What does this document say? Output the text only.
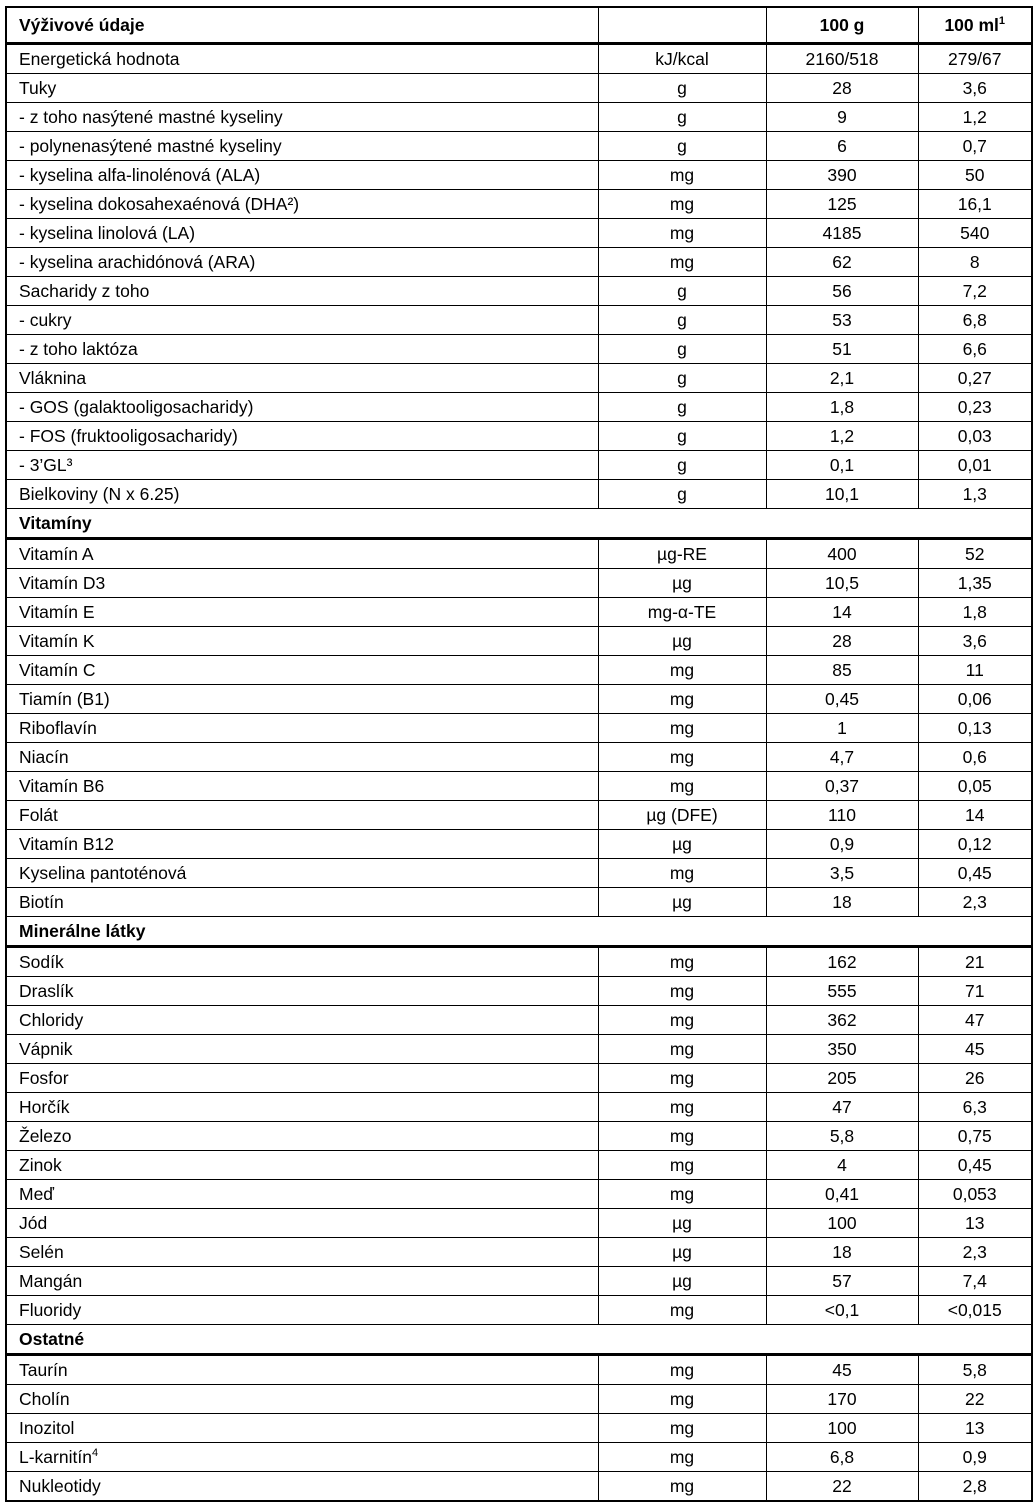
Výživové údaje		100 g	100 $ml^1$
Energetická hodnota	kJ/kcal	2160/518	279/67
Tuky	g	28	3,6
- z toho nasýtené mastné kyseliny	g	9	1,2
- polynenasýtené mastné kyseliny	g	6	0,7
- kyselina alfa-linolénová (ALA)	mg	390	50
- kyselina dokosahexaénová (DHA²)	mg	125	16,1
- kyselina linolová (LA)	mg	4185	540
- kyselina arachidónová (ARA)	mg	62	8
Sacharidy z toho	g	56	7,2
- cukry	g	53	6,8
- z toho laktóza	g	51	6,6
Vláknina	g	2,1	0,27
- GOS (galaktooligosacharidy)	g	1,8	0,23
- FOS (fruktooligosacharidy)	g	1,2	0,03
- 3’GL³	g	0,1	0,01
Bielkoviny (N x 6.25)	g	10,1	1,3
Vitamíny			
Vitamín A	µg-RE	400	52
Vitamín D3	µg	10,5	1,35
Vitamín E	mg-α-TE	14	1,8
Vitamín K	µg	28	3,6
Vitamín C	mg	85	11
Tiamín (B1)	mg	0,45	0,06
Riboflavín	mg	1	0,13
Niacín	mg	4,7	0,6
Vitamín B6	mg	0,37	0,05
Folát	µg (DFE)	110	14
Vitamín B12	µg	0,9	0,12
Kyselina pantoténová	mg	3,5	0,45
Biotín	µg	18	2,3
Minerálne látky			
Sodík	mg	162	21
Draslík	mg	555	71
Chloridy	mg	362	47
Vápnik	mg	350	45
Fosfor	mg	205	26
Horčík	mg	47	6,3
Železo	mg	5,8	0,75
Zinok	mg	4	0,45
Meď	mg	0,41	0,053
Jód	µg	100	13
Selén	µg	18	2,3
Mangán	µg	57	7,4
Fluoridy	mg	<0,1	<0,015
Ostatné			
Taurín	mg	45	5,8
Cholín	mg	170	22
Inozitol	mg	100	13
L-karnitín$^4$	mg	6,8	0,9
Nukleotidy	mg	22	2,8
